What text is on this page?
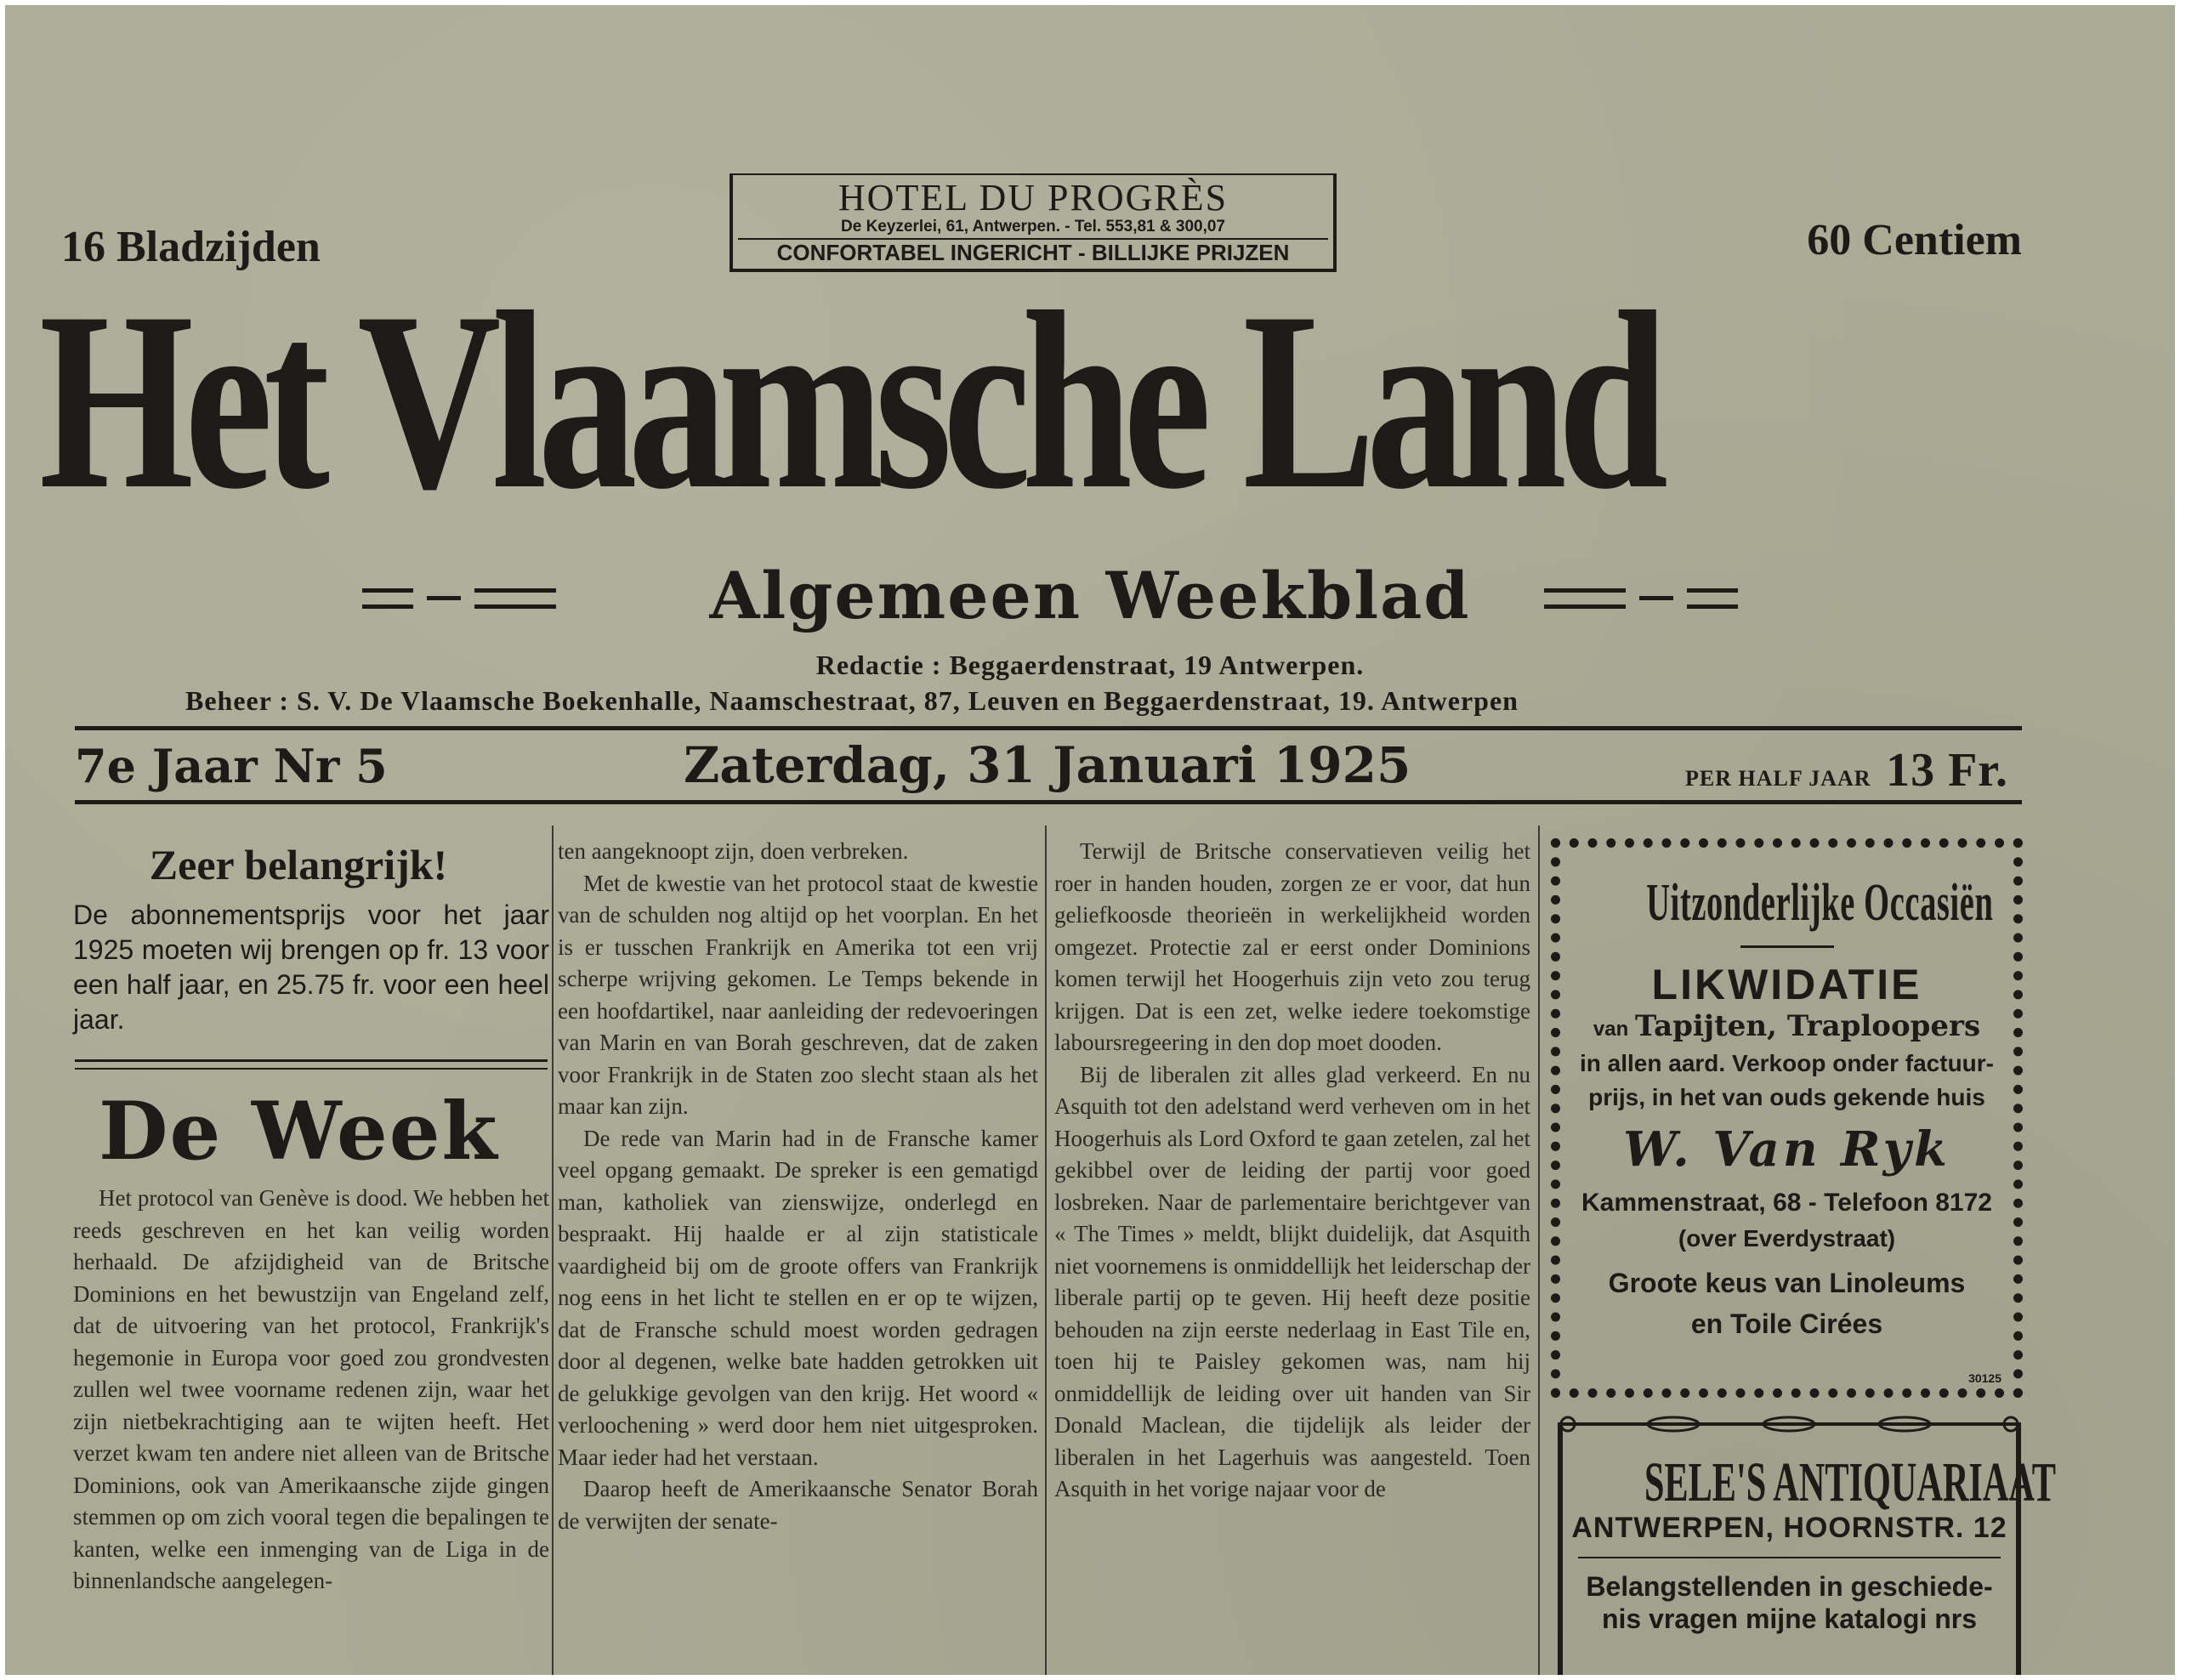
16 Bladzijden	60 Centiem
HOTEL DU PROGRÈS
De Keyzerlei, 61, Antwerpen. - Tel. 553,81 & 300,07
CONFORTABEL INGERICHT - BILLIJKE PRIJZEN
Het Vlaamsche Land
Algemeen Weekblad
Redactie : Beggaerdenstraat, 19 Antwerpen.
Beheer : S. V. De Vlaamsche Boekenhalle, Naamschestraat, 87, Leuven en Beggaerdenstraat, 19. Antwerpen
7e Jaar Nr 5	Zaterdag, 31 Januari 1925	PER HALF JAAR 13 Fr.
Zeer belangrijk!
De abonnementsprijs voor het jaar 1925 moeten wij brengen op fr. 13 voor een half jaar, en 25.75 fr. voor een heel jaar.
De Week

Het protocol van Genève is dood. We hebben het reeds geschreven en het kan veilig worden herhaald. De afzijdigheid van de Britsche Dominions en het bewustzijn van Engeland zelf, dat de uitvoering van het protocol, Frankrijk's hegemonie in Europa voor goed zou grondvesten zullen wel twee voorname redenen zijn, waar het zijn nietbekrachtiging aan te wijten heeft. Het verzet kwam ten andere niet alleen van de Britsche Dominions, ook van Amerikaansche zijde gingen stemmen op om zich vooral tegen die bepalingen te kanten, welke een inmenging van de Liga in de binnenlandsche aangelegen-

ten aangeknoopt zijn, doen verbreken.

Met de kwestie van het protocol staat de kwestie van de schulden nog altijd op het voorplan. En het is er tusschen Frankrijk en Amerika tot een vrij scherpe wrijving gekomen. Le Temps bekende in een hoofdartikel, naar aanleiding der redevoeringen van Marin en van Borah geschreven, dat de zaken voor Frankrijk in de Staten zoo slecht staan als het maar kan zijn.

De rede van Marin had in de Fransche kamer veel opgang gemaakt. De spreker is een gematigd man, katholiek van zienswijze, onderlegd en bespraakt. Hij haalde er al zijn statisticale vaardigheid bij om de groote offers van Frankrijk nog eens in het licht te stellen en er op te wijzen, dat de Fransche schuld moest worden gedragen door al degenen, welke bate hadden getrokken uit de gelukkige gevolgen van den krijg. Het woord « verloochening » werd door hem niet uitgesproken. Maar ieder had het verstaan.

Daarop heeft de Amerikaansche Senator Borah de verwijten der senate-

Terwijl de Britsche conservatieven veilig het roer in handen houden, zorgen ze er voor, dat hun geliefkoosde theorieën in werkelijkheid worden omgezet. Protectie zal er eerst onder Dominions komen terwijl het Hoogerhuis zijn veto zou terug krijgen. Dat is een zet, welke iedere toekomstige laboursregeering in den dop moet dooden.

Bij de liberalen zit alles glad verkeerd. En nu Asquith tot den adelstand werd verheven om in het Hoogerhuis als Lord Oxford te gaan zetelen, zal het gekibbel over de leiding der partij voor goed losbreken. Naar de parlementaire berichtgever van « The Times » meldt, blijkt duidelijk, dat Asquith niet voornemens is onmiddellijk het leiderschap der liberale partij op te geven. Hij heeft deze positie behouden na zijn eerste nederlaag in East Tile en, toen hij te Paisley gekomen was, nam hij onmiddellijk de leiding over uit handen van Sir Donald Maclean, die tijdelijk als leider der liberalen in het Lagerhuis was aangesteld. Toen Asquith in het vorige najaar voor de

Uitzonderlijke Occasiën
LIKWIDATIE
van Tapijten, Traploopers
in allen aard. Verkoop onder factuur-
prijs, in het van ouds gekende huis
W. Van Ryk
Kammenstraat, 68 - Telefoon 8172
(over Everdystraat)
Groote keus van Linoleums
en Toile Cirées
30125
SELE'S ANTIQUARIAAT
ANTWERPEN, HOORNSTR. 12
Belangstellenden in geschiede-
nis vragen mijne katalogi nrs
